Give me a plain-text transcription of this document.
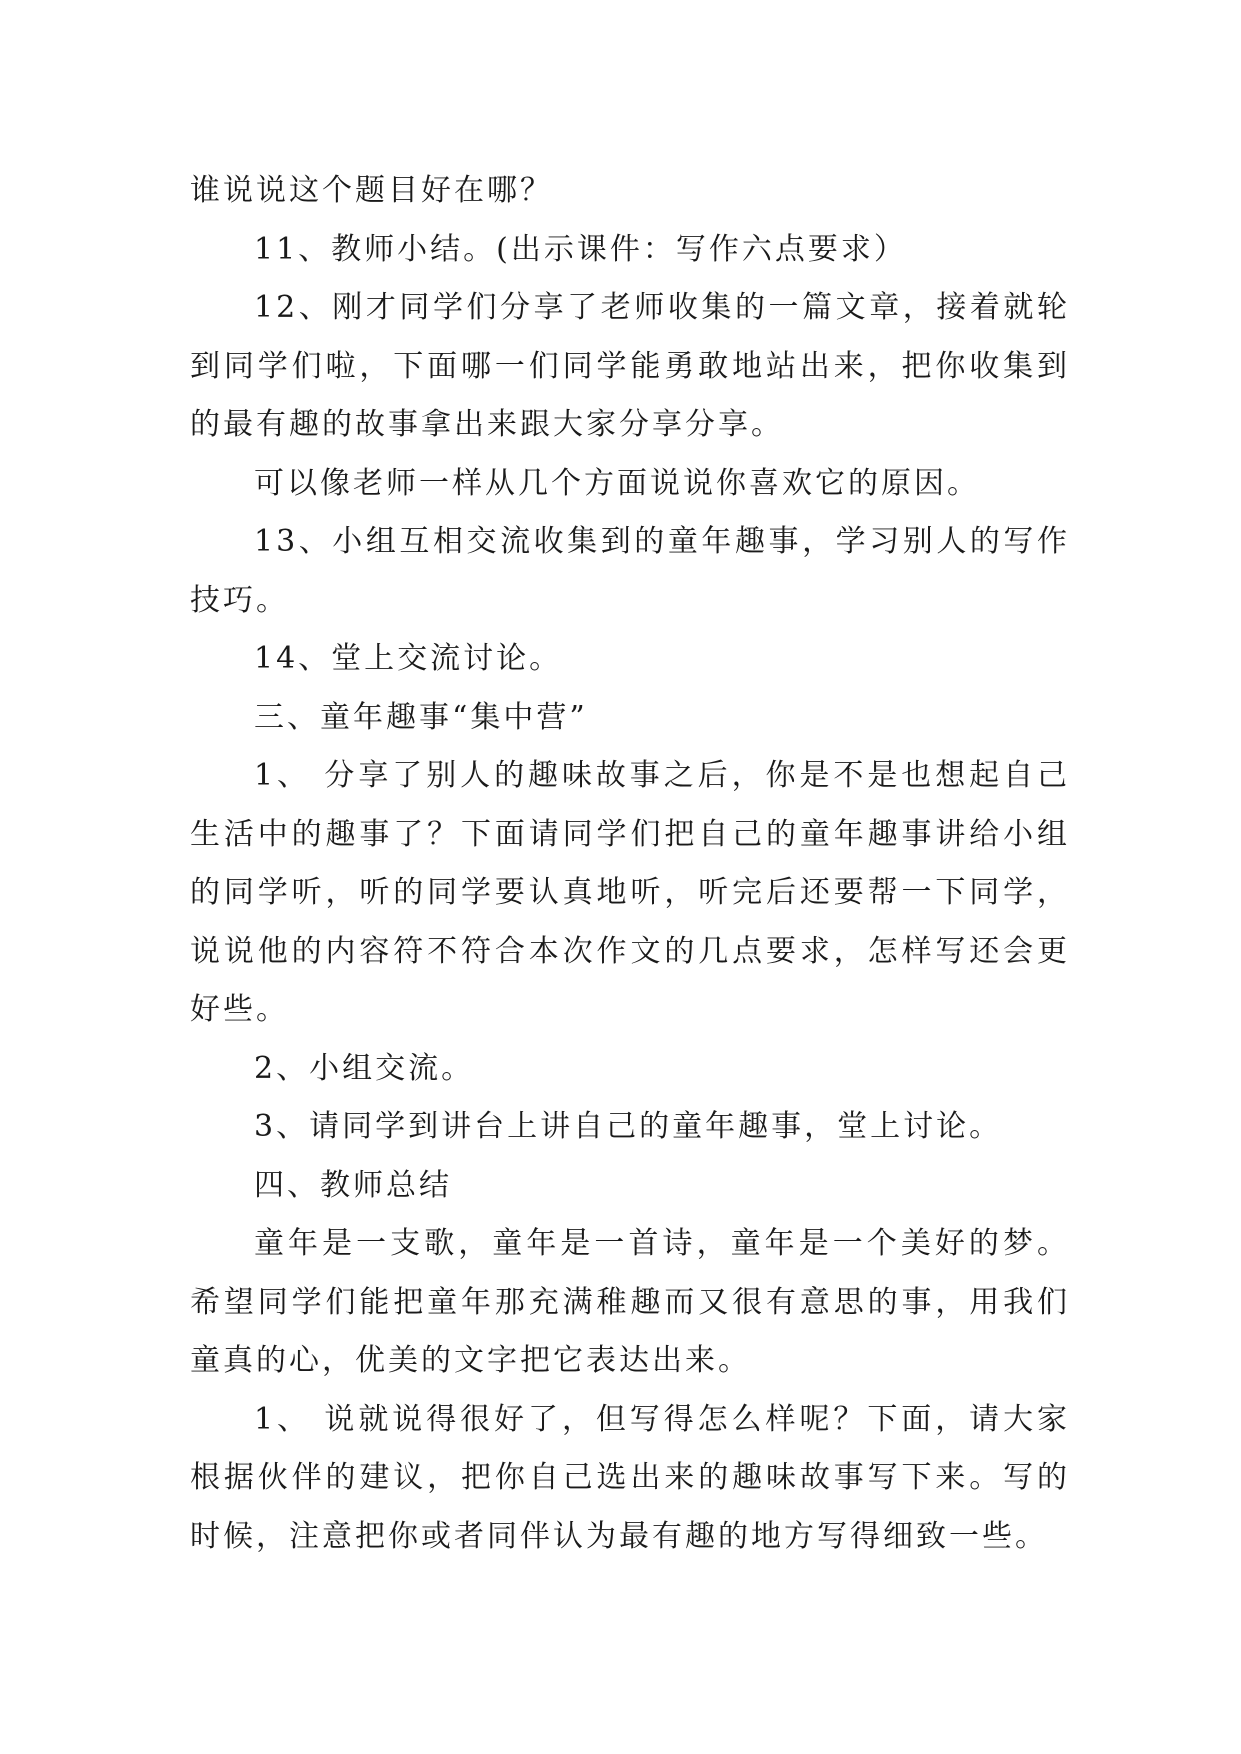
谁说说这个题目好在哪？

11、教师小结。(出示课件：写作六点要求）

12、刚才同学们分享了老师收集的一篇文章，接着就轮到同学们啦，下面哪一们同学能勇敢地站出来，把你收集到的最有趣的故事拿出来跟大家分享分享。

可以像老师一样从几个方面说说你喜欢它的原因。

13、小组互相交流收集到的童年趣事，学习别人的写作技巧。

14、堂上交流讨论。

三、童年趣事“集中营”

1、 分享了别人的趣味故事之后，你是不是也想起自己生活中的趣事了？下面请同学们把自己的童年趣事讲给小组的同学听，听的同学要认真地听，听完后还要帮一下同学，说说他的内容符不符合本次作文的几点要求，怎样写还会更好些。

2、小组交流。

3、请同学到讲台上讲自己的童年趣事，堂上讨论。

四、教师总结

童年是一支歌，童年是一首诗，童年是一个美好的梦。希望同学们能把童年那充满稚趣而又很有意思的事，用我们童真的心，优美的文字把它表达出来。

1、 说就说得很好了，但写得怎么样呢？下面，请大家根据伙伴的建议，把你自己选出来的趣味故事写下来。写的时候，注意把你或者同伴认为最有趣的地方写得细致一些。
